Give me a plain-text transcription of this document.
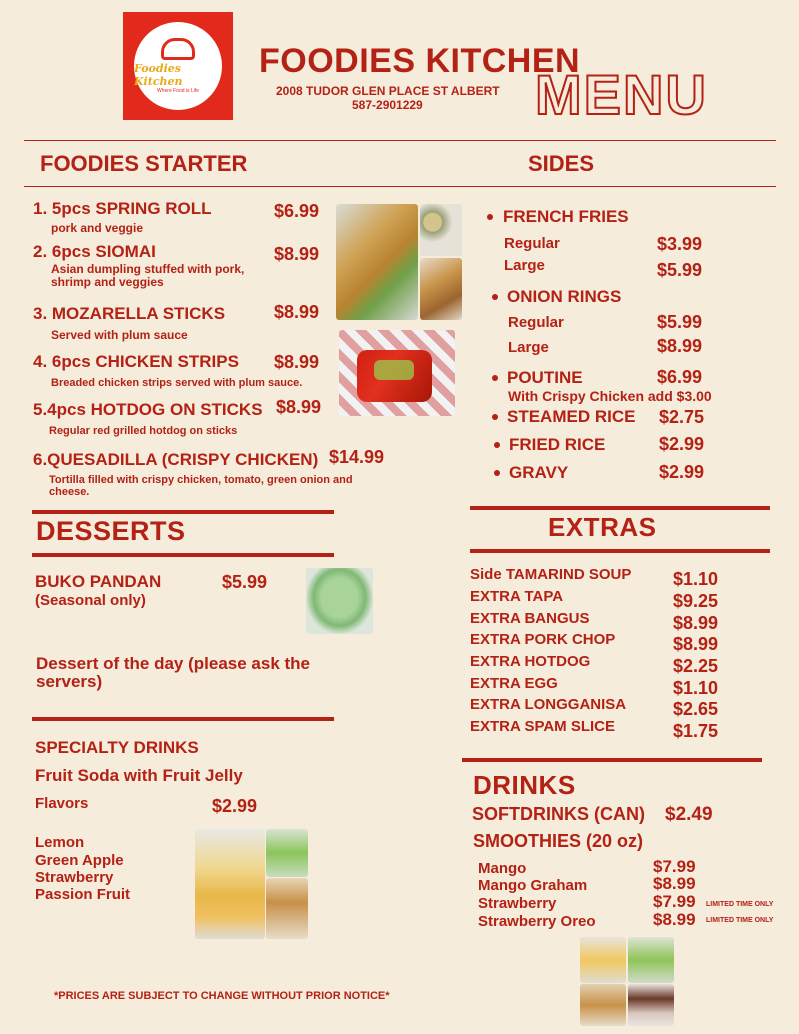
Foodies Kitchen
Where Food is Life
FOODIES KITCHEN
2008 TUDOR GLEN PLACE ST ALBERT
587-2901229 MENU
FOODIES STARTER	SIDES
1. 5pcs SPRING ROLL
pork and veggie
$6.99
2. 6pcs SIOMAI
Asian dumpling stuffed with pork, shrimp and veggies
$8.99
3. MOZARELLA STICKS
Served with plum sauce
$8.99
4. 6pcs CHICKEN STRIPS
Breaded chicken strips served with plum sauce.
$8.99
5.4pcs HOTDOG ON STICKS
Regular red grilled hotdog on sticks
$8.99
6.QUESADILLA (CRISPY CHICKEN)
Tortilla filled with crispy chicken, tomato, green onion and cheese.
$14.99
FRENCH FRIES
Regular	$3.99
Large	$5.99
ONION RINGS
Regular	$5.99
Large	$8.99
POUTINE	$6.99
With Crispy Chicken add $3.00
STEAMED RICE $2.75
FRIED RICE	$2.99
GRAVY	$2.99
DESSERTS
BUKO PANDAN
(Seasonal only)
$5.99
Dessert of the day (please ask the servers)
SPECIALTY DRINKS
Fruit Soda with Fruit Jelly
Flavors	$2.99
Lemon
Green Apple
Strawberry
Passion Fruit
EXTRAS
Side TAMARIND SOUP $1.10
EXTRA TAPA	$9.25
EXTRA BANGUS	$8.99
EXTRA PORK CHOP	$8.99
EXTRA HOTDOG	$2.25
EXTRA EGG	$1.10
EXTRA LONGGANISA	$2.65
EXTRA SPAM SLICE	$1.75
DRINKS
SOFTDRINKS (CAN) $2.49
SMOOTHIES (20 oz)
Mango	$7.99
Mango Graham	$8.99
Strawberry	$7.99 LIMITED TIME ONLY
Strawberry Oreo	$8.99 LIMITED TIME ONLY
*PRICES ARE SUBJECT TO CHANGE WITHOUT PRIOR NOTICE*
